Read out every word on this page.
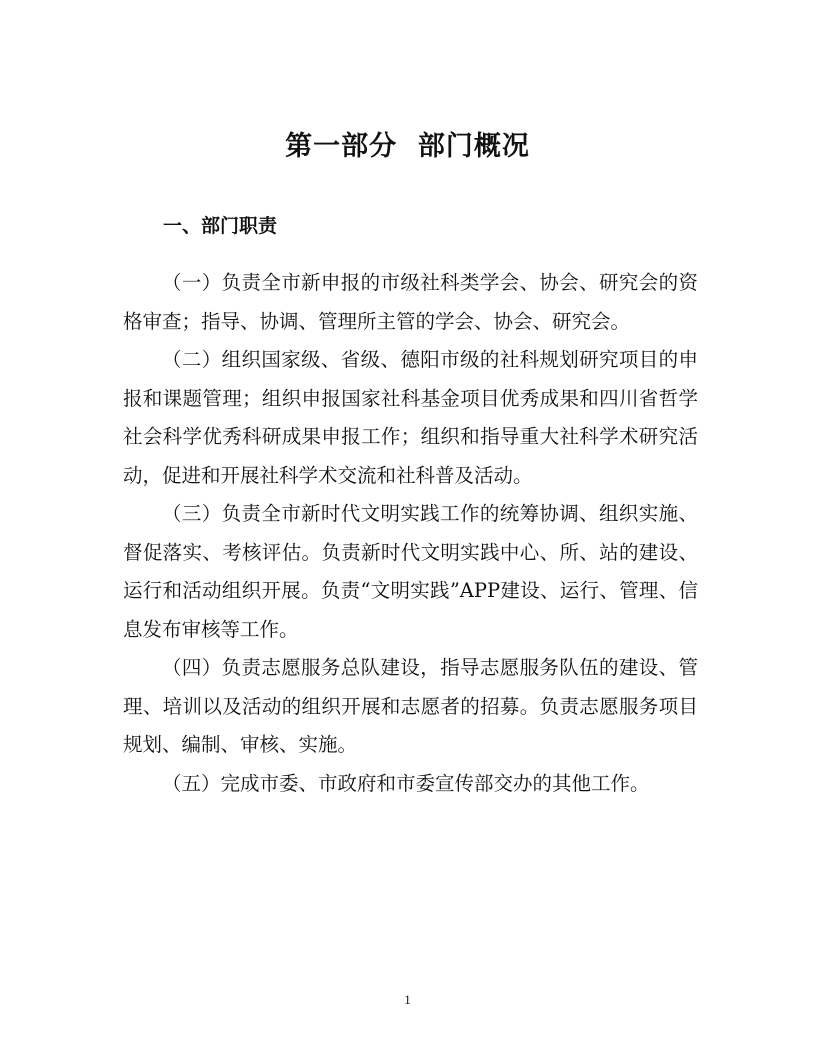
第一部分  部门概况
一、部门职责

（一）负责全市新申报的市级社科类学会、协会、研究会的资格审查；指导、协调、管理所主管的学会、协会、研究会。

（二）组织国家级、省级、德阳市级的社科规划研究项目的申报和课题管理；组织申报国家社科基金项目优秀成果和四川省哲学社会科学优秀科研成果申报工作；组织和指导重大社科学术研究活动，促进和开展社科学术交流和社科普及活动。

（三）负责全市新时代文明实践工作的统筹协调、组织实施、督促落实、考核评估。负责新时代文明实践中心、所、站的建设、运行和活动组织开展。负责“文明实践”APP建设、运行、管理、信息发布审核等工作。

（四）负责志愿服务总队建设，指导志愿服务队伍的建设、管理、培训以及活动的组织开展和志愿者的招募。负责志愿服务项目规划、编制、审核、实施。

（五）完成市委、市政府和市委宣传部交办的其他工作。

1
